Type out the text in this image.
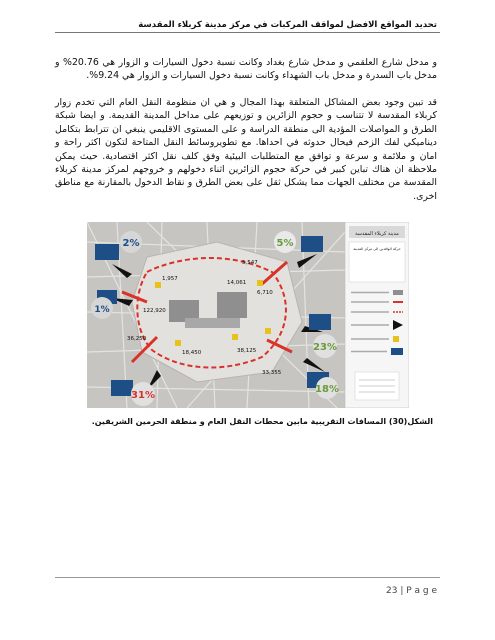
تحديد المواقع الافضل لمواقف المركبات في مركز مدينة كربلاء المقدسة

و مدخل شارع العلقمي و مدخل شارع بغداد وكانت نسبة دخول السيارات و الزوار هي 20.76% و مدخل باب السدرة و مدخل باب الشهداء وكانت نسبة دخول السيارات و الزوار هي 9.24%.

قد تبين وجود بعض المشاكل المتعلقة بهذا المجال و هي ان منظومة النقل العام التي تخدم زوار كربلاء المقدسة لا تتناسب و حجوم الزائرين و توزيعهم على مداخل المدينة القديمة. و ايضا شبكة الطرق و المواصلات المؤدية الى منطقة الدراسة و على المستوى الاقليمي ينبغي ان تترابط بتكامل ديناميكي لفك الزخم فيحال حدوثه في احداها. مع تطويروسائط النقل المتاحة لتكون اكثر راحة و امان و ملائمة و سرعة و توافق مع المتطلبات البيئية وفق كلف نقل اكثر اقتصادية. حيث يمكن ملاحظة ان هناك تباين كبير في حركة حجوم الزائرين اثناء دخولهم و خروجهم لمركز مدينة كربلاء المقدسة من مختلف الجهات مما يشكل ثقل على بعض الطرق و نقاط الدخول بالمقارنة مع مناطق اخرى.

2%	5%
1%
23%
18%
31%
1,957
5,547
6,710
122,920
36,250
18,450	38,125
33,355
14,061
مدينة كربلاء المقدسة
حركة الوافدين الى مركز المدينة
الشكل(30) المسافات التقريبية مابين محطات النقل العام و منطقة الحرمين الشريفين.
23 | P a g e
